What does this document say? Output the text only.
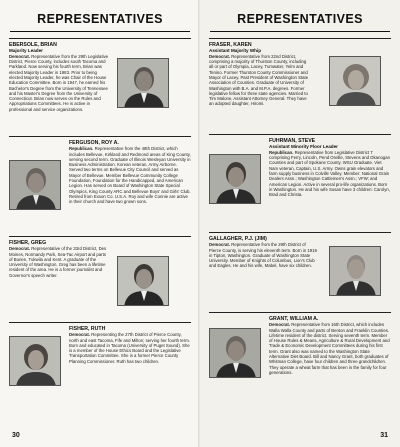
REPRESENTATIVES
EBERSOLE, BRIAN
Majority Leader
Democrat. Representative from the 29th Legislative District, Pierce County, includes south Tacoma and Parkland. Now serving his fourth term, Brian was elected Majority Leader in 1983. Prior to being elected Majority Leader, he was Chair of the House Education Committee. Born in 1947, he earned his Bachelor's Degree from the University of Tennessee and his Master's Degree from the University of Connecticut. Brian now serves on the Rules and Appropriations Committees. He is active in professional and service organizations.
FERGUSON, ROY A.
Republican. Representative from the 48th District, which includes Bellevue, Kirkland and Redmond areas of King County, serving second term. Graduate of Illinois Wesleyan University in Business Administration. Korean veteran, Army Airborne. Served two terms on Bellevue City Council and served as Mayor of Bellevue. Member Bellevue Community College Foundation, Foundation for the Handicapped, and American Legion. Has served on Board of Washington State Special Olympics, King County ARC and Bellevue Boys' and Girls' Club. Retired from Exxon Co. U.S.A. Roy and wife Connie are active in their church and have two grown sons.
FISHER, GREG
Democrat. Representative of the 33rd District, Des Moines, Normandy Park, Sea-Tac Airport and parts of Burien, Tukwila and Kent. A graduate of the University of Washington, Greg has been a lifetime resident of the area. He is a former journalist and Governor's speech writer.
FISHER, RUTH
Democrat. Representing the 27th District of Pierce County, north and east Tacoma, Fife and Milton; serving her fourth term. Born and educated in Tacoma (University of Puget Sound). She is a member of the House Ethics Board and the Legislative Transportation Committee. She is a former Pierce County Planning Commissioner. Ruth has two children.
30
REPRESENTATIVES
FRASER, KAREN
Assistant Majority Whip
Democrat. Representative from 22nd District, comprising a majority of Thurston County, including all or part of Olympia, Lacey, Tumwater, Yelm and Tenino. Former Thurston County Commissioner and Mayor of Lacey. Past President of Washington State Association of Counties. Graduate of University of Washington with B.A. and M.P.A. degrees. Former legislative fellow for three state agencies. Married to Tim Malone, Assistant Attorney General. They have an adopted daughter, Hiromi.
FUHRMAN, STEVE
Assistant Minority Floor Leader
Republican. Representative from Legislative District 7 comprising Ferry, Lincoln, Pend Oreille, Stevens and Okanogan Counties and part of Spokane County. WSU Graduate. Viet Nam veteran, Captain, U.S. Army. Owns grain elevators and farm supply business in Colville Valley. Member: National Grain Dealers Assn.; Washington Cattlemen's Assn.; VFW; and American Legion. Active in several pro-life organizations. Born in Washington. He and his wife Susan have 3 children: Carolyn, Brad and Christa.
GALLAGHER, P.J. (JIM)
Democrat. Representative from the 29th District of Pierce County, is serving his eleventh term. Born in 1919 in Tipton, Washington. Graduate of Washington State University. Member of Knights of Columbus, Lion's Club and Eagles. He and his wife, Mabel, have six children.
GRANT, WILLIAM A.
Democrat. Representative from 16th District, which includes Walla Walla County and parts of Benton and Franklin Counties. Lifetime resident of the district. Serving seventh term. Member of House Rules & Means, Agriculture & Rural Development and Trade & Economic Development Committees during his first term. Grant also was named to the Washington State Alternative Diet Board. Bill and Nancy Grant, both graduates of Whitman College, have four children and three grandchildren. They operate a wheat farm that has been in the family for four generations.
31
